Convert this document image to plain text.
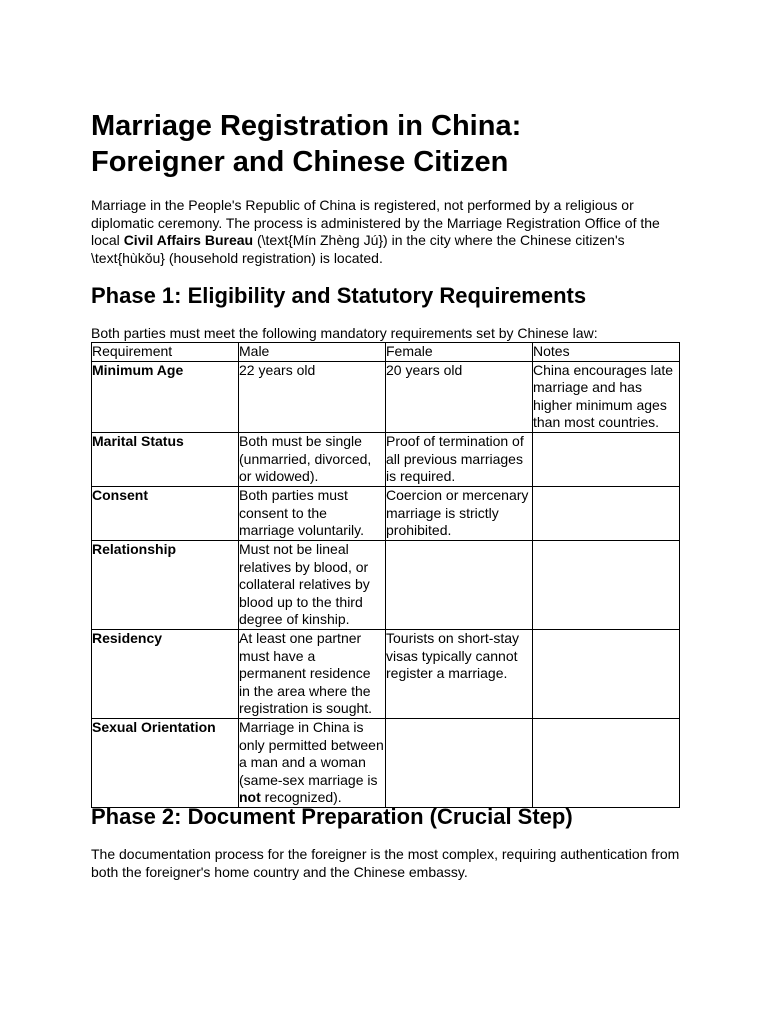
Marriage Registration in China:
Foreigner and Chinese Citizen

Marriage in the People's Republic of China is registered, not performed by a religious or diplomatic ceremony. The process is administered by the Marriage Registration Office of the local Civil Affairs Bureau (\text{Mín Zhèng Jú}) in the city where the Chinese citizen's \text{hùkǒu} (household registration) is located.

Phase 1: Eligibility and Statutory Requirements

Both parties must meet the following mandatory requirements set by Chinese law:

Requirement	Male	Female	Notes
Minimum Age	22 years old	20 years old	China encourages late marriage and has higher minimum ages than most countries.
Marital Status	Both must be single (unmarried, divorced, or widowed).	Proof of termination of all previous marriages is required.	
Consent	Both parties must consent to the marriage voluntarily.	Coercion or mercenary marriage is strictly prohibited.	
Relationship	Must not be lineal relatives by blood, or collateral relatives by blood up to the third degree of kinship.		
Residency	At least one partner must have a permanent residence in the area where the registration is sought.	Tourists on short-stay visas typically cannot register a marriage.	
Sexual Orientation	Marriage in China is only permitted between a man and a woman (same-sex marriage is not recognized).		
Phase 2: Document Preparation (Crucial Step)

The documentation process for the foreigner is the most complex, requiring authentication from both the foreigner's home country and the Chinese embassy.
